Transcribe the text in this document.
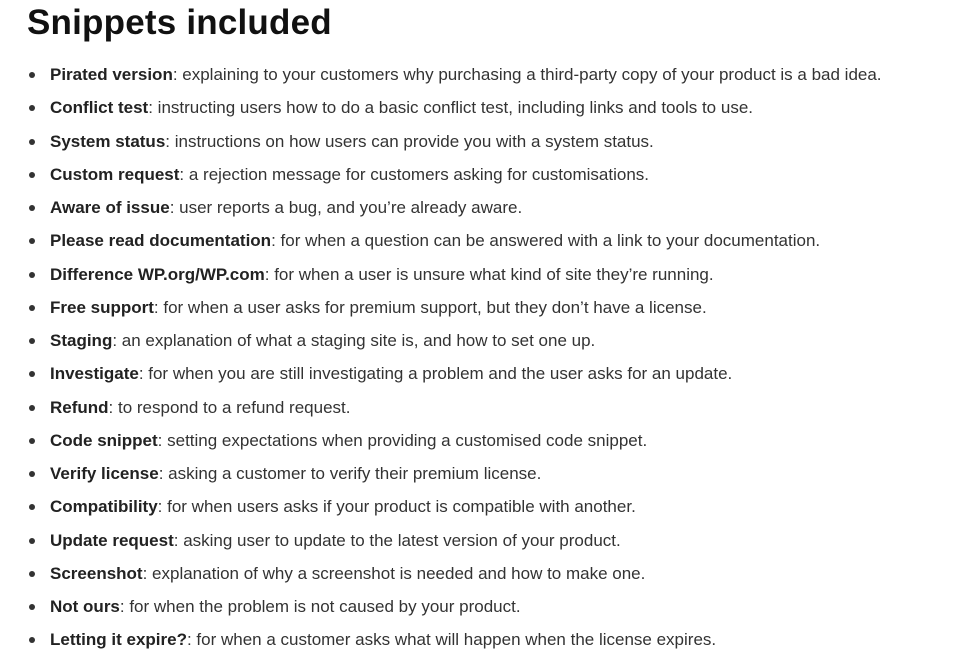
Snippets included
Pirated version: explaining to your customers why purchasing a third-party copy of your product is a bad idea.
Conflict test: instructing users how to do a basic conflict test, including links and tools to use.
System status: instructions on how users can provide you with a system status.
Custom request: a rejection message for customers asking for customisations.
Aware of issue: user reports a bug, and you’re already aware.
Please read documentation: for when a question can be answered with a link to your documentation.
Difference WP.org/WP.com: for when a user is unsure what kind of site they’re running.
Free support: for when a user asks for premium support, but they don’t have a license.
Staging: an explanation of what a staging site is, and how to set one up.
Investigate: for when you are still investigating a problem and the user asks for an update.
Refund: to respond to a refund request.
Code snippet: setting expectations when providing a customised code snippet.
Verify license: asking a customer to verify their premium license.
Compatibility: for when users asks if your product is compatible with another.
Update request: asking user to update to the latest version of your product.
Screenshot: explanation of why a screenshot is needed and how to make one.
Not ours: for when the problem is not caused by your product.
Letting it expire?: for when a customer asks what will happen when the license expires.
